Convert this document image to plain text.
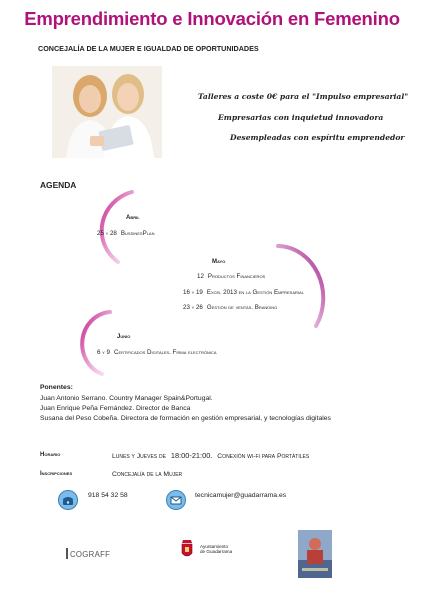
Emprendimiento e Innovación en Femenino
CONCEJALÍA DE LA MUJER E IGUALDAD DE OPORTUNIDADES
Talleres a coste 0€ para el "Impulso empresarial"
Empresarias con inquietud innovadora
Desempleadas con espíritu emprendedor
AGENDA
Abril
25 y 28 BussinesPlan
Mayo
12 Productos Financieros
16 y 19 Excel 2013 en la Gestión Empresarial
23 y 26 Gestión de ventas. Branding
Junio
6 y 9 Certificados Digitales. Firma electrónica
Ponentes:
Juan Antonio Serrano. Country Manager Spain&Portugal.
Juan Enrique Peña Fernández. Director de Banca
Susana del Peso Cobeña. Directora de formación en gestión empresarial, y tecnologías digitales
Horario	Lunes y Jueves de 18:00-21:00. Conexión wi-fi para Portátiles
Inscripciones	Concejalía de la Mujer
918 54 32 58	tecnicamujer@guadarrama.es
COGRAFF
Ayuntamiento
de Guadarrama
